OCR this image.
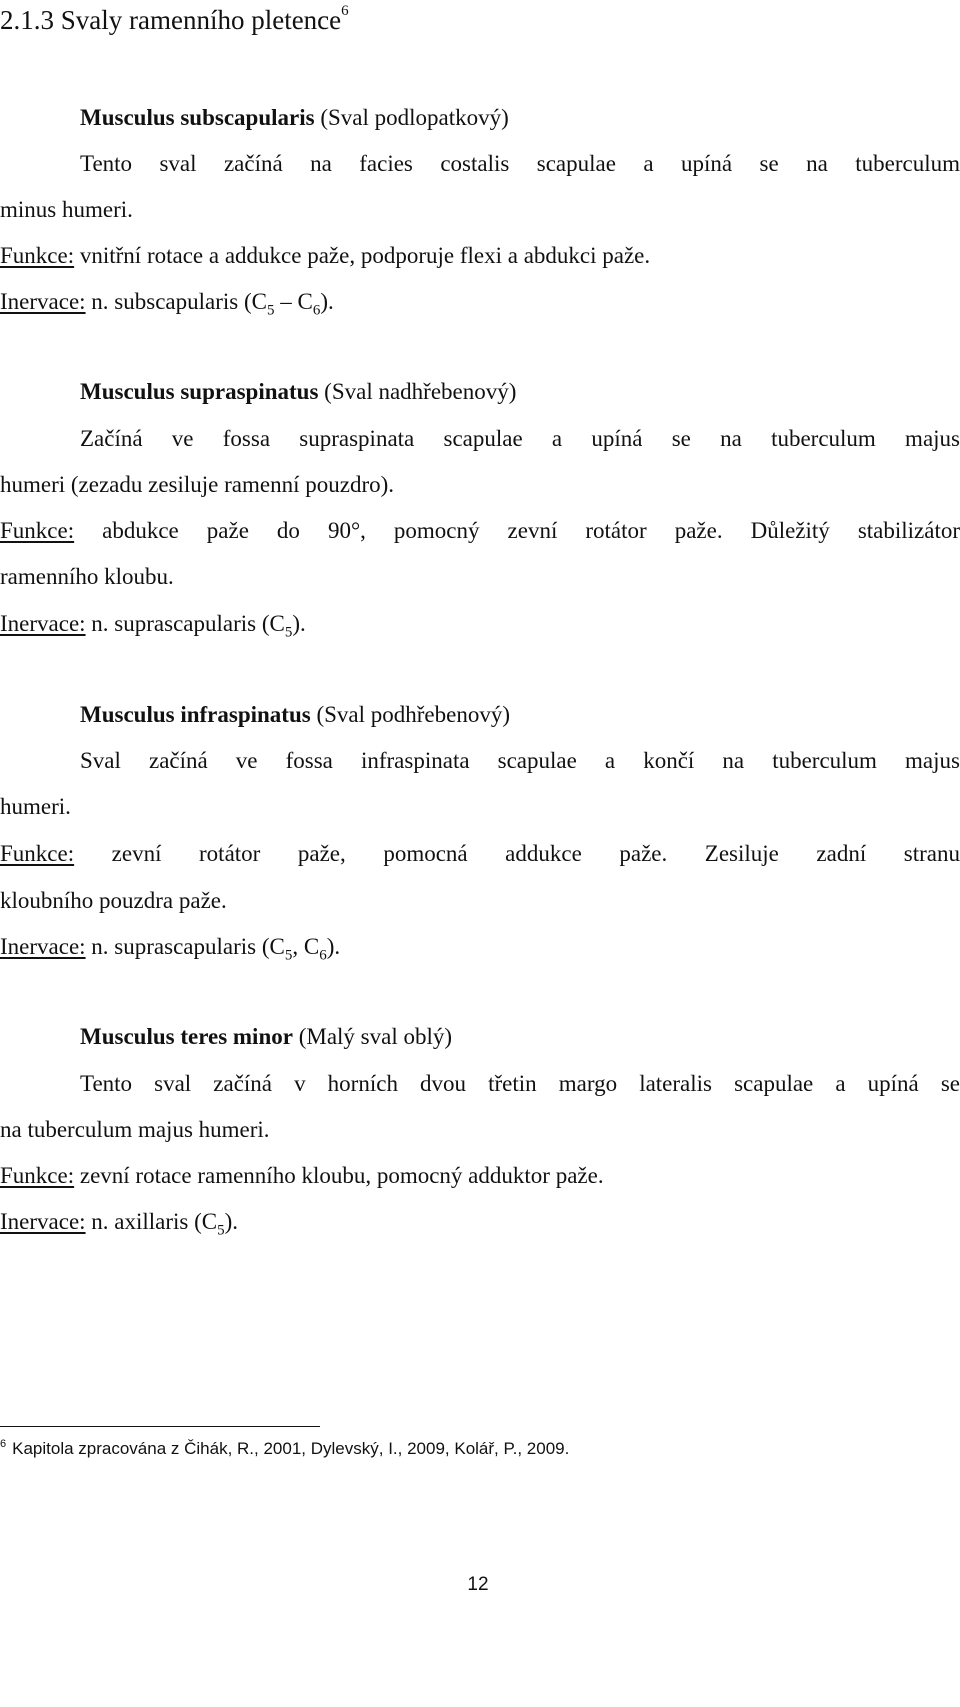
2.1.3 Svaly ramenního pletence$^6$
Musculus subscapularis (Sval podlopatkový)
Tento sval začíná na facies costalis scapulae a upíná se na tuberculum
minus humeri.
Funkce: vnitřní rotace a addukce paže, podporuje flexi a abdukci paže.
Inervace: n. subscapularis $(C_5 - C_6)$.
Musculus supraspinatus (Sval nadhřebenový)
Začíná ve fossa supraspinata scapulae a upíná se na tuberculum majus
humeri (zezadu zesiluje ramenní pouzdro).
Funkce: abdukce paže do 90°, pomocný zevní rotátor paže. Důležitý stabilizátor
ramenního kloubu.
Inervace: n. suprascapularis $(C_5)$.
Musculus infraspinatus (Sval podhřebenový)
Sval začíná ve fossa infraspinata scapulae a končí na tuberculum majus
humeri.
Funkce: zevní rotátor paže, pomocná addukce paže. Zesiluje zadní stranu
kloubního pouzdra paže.
Inervace: n. suprascapularis ($C_5$, $C_6$).
Musculus teres minor (Malý sval oblý)
Tento sval začíná v horních dvou třetin margo lateralis scapulae a upíná se
na tuberculum majus humeri.
Funkce: zevní rotace ramenního kloubu, pomocný adduktor paže.
Inervace: n. axillaris $(C_5)$.
$^6$ Kapitola zpracována z Čihák, R., 2001, Dylevský, I., 2009, Kolář, P., 2009.
12
